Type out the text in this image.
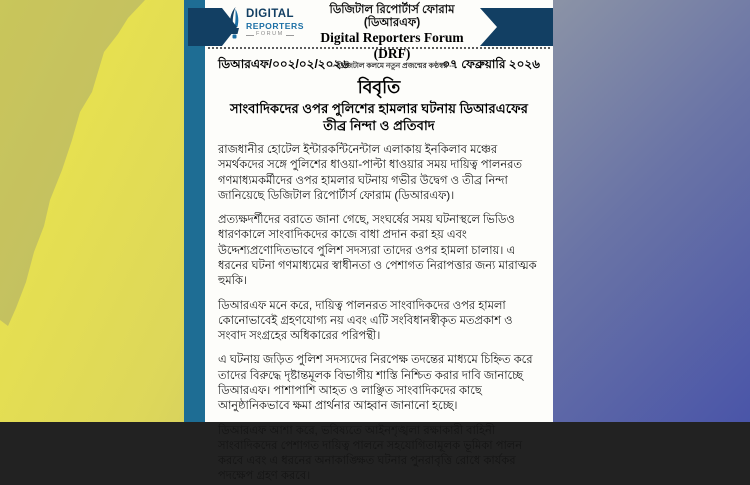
DIGITAL
REPORTERS
FORUM
ডিজিটাল রিপোর্টার্স ফোরাম (ডিআরএফ)
Digital Reporters Forum (DRF)
-- ডিজিটাল কলমে নতুন প্রজন্মের কণ্ঠস্বর --
ডিআরএফ/০০২/০২/২০২৬	০৭ ফেব্রুয়ারি ২০২৬
বিবৃতি
সাংবাদিকদের ওপর পুলিশের হামলার ঘটনায় ডিআরএফের তীব্র নিন্দা ও প্রতিবাদ

রাজধানীর হোটেল ইন্টারকন্টিনেন্টাল এলাকায় ইনকিলাব মঞ্চের সমর্থকদের সঙ্গে পুলিশের ধাওয়া-পাল্টা ধাওয়ার সময় দায়িত্ব পালনরত গণমাধ্যমকর্মীদের ওপর হামলার ঘটনায় গভীর উদ্বেগ ও তীব্র নিন্দা জানিয়েছে ডিজিটাল রিপোর্টার্স ফোরাম (ডিআরএফ)।

প্রত্যক্ষদর্শীদের বরাতে জানা গেছে, সংঘর্ষের সময় ঘটনাস্থলে ভিডিও ধারণকালে সাংবাদিকদের কাজে বাধা প্রদান করা হয় এবং উদ্দেশ্যপ্রণোদিতভাবে পুলিশ সদস্যরা তাদের ওপর হামলা চালায়। এ ধরনের ঘটনা গণমাধ্যমের স্বাধীনতা ও পেশাগত নিরাপত্তার জন্য মারাত্মক হুমকি।

ডিআরএফ মনে করে, দায়িত্ব পালনরত সাংবাদিকদের ওপর হামলা কোনোভাবেই গ্রহণযোগ্য নয় এবং এটি সংবিধানস্বীকৃত মতপ্রকাশ ও সংবাদ সংগ্রহের অধিকারের পরিপন্থী।

এ ঘটনায় জড়িত পুলিশ সদস্যদের নিরপেক্ষ তদন্তের মাধ্যমে চিহ্নিত করে তাদের বিরুদ্ধে দৃষ্টান্তমূলক বিভাগীয় শাস্তি নিশ্চিত করার দাবি জানাচ্ছে ডিআরএফ। পাশাপাশি আহত ও লাঞ্ছিত সাংবাদিকদের কাছে আনুষ্ঠানিকভাবে ক্ষমা প্রার্থনার আহ্বান জানানো হচ্ছে।

ডিআরএফ আশা করে, ভবিষ্যতে আইনশৃঙ্খলা রক্ষাকারী বাহিনী সাংবাদিকদের পেশাগত দায়িত্ব পালনে সহযোগিতামূলক ভূমিকা পালন করবে এবং এ ধরনের অনাকাঙ্ক্ষিত ঘটনার পুনরাবৃত্তি রোধে কার্যকর পদক্ষেপ গ্রহণ করবে।
